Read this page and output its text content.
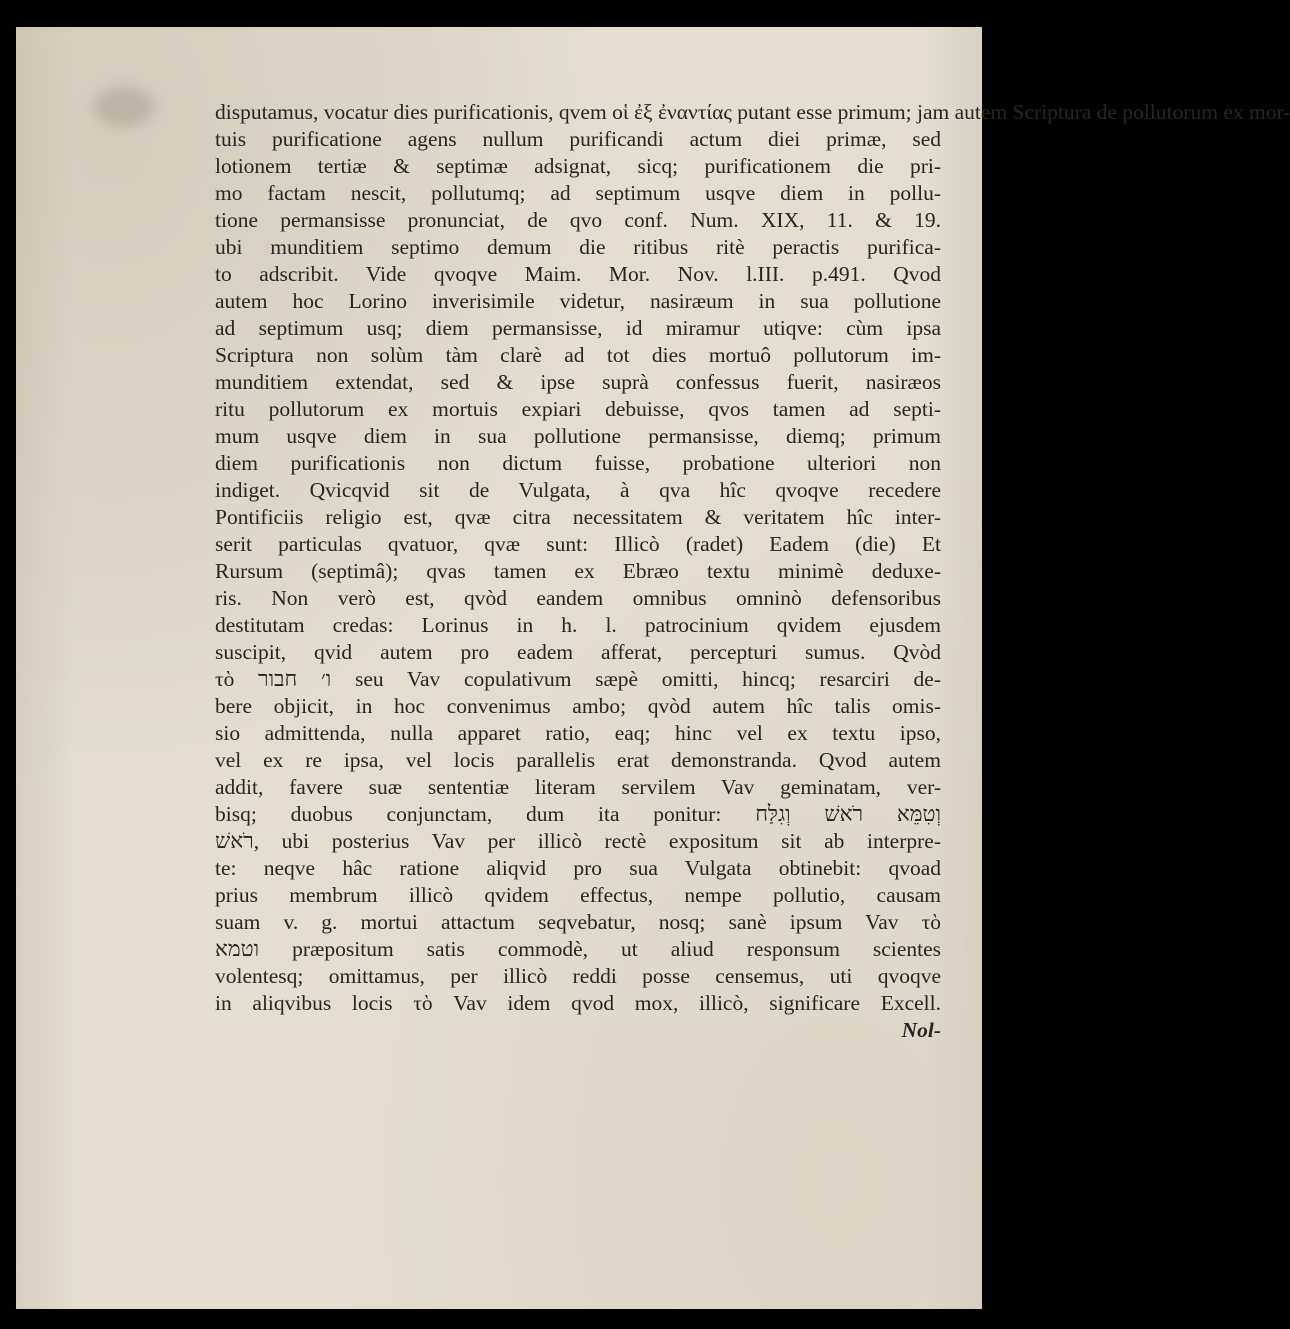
disputamus, vocatur dies purificationis, qvem οἱ ἐξ ἐναντίας putant esse primum; jam autem Scriptura de pollutorum ex mor-
tuis purificatione agens nullum purificandi actum diei primæ, sed
lotionem tertiæ & septimæ adsignat, sicq; purificationem die pri-
mo factam nescit, pollutumq; ad septimum usqve diem in pollu-
tione permansisse pronunciat, de qvo conf. Num. XIX, 11. & 19.
ubi munditiem septimo demum die ritibus ritè peractis purifica-
to adscribit. Vide qvoqve Maim. Mor. Nov. l.III. p.491. Qvod
autem hoc Lorino inverisimile videtur, nasiræum in sua pollutione
ad septimum usq; diem permansisse, id miramur utiqve: cùm ipsa
Scriptura non solùm tàm clarè ad tot dies mortuô pollutorum im-
munditiem extendat, sed & ipse suprà confessus fuerit, nasiræos
ritu pollutorum ex mortuis expiari debuisse, qvos tamen ad septi-
mum usqve diem in sua pollutione permansisse, diemq; primum
diem purificationis non dictum fuisse, probatione ulteriori non
indiget. Qvicqvid sit de Vulgata, à qva hîc qvoqve recedere
Pontificiis religio est, qvæ citra necessitatem & veritatem hîc inter-
serit particulas qvatuor, qvæ sunt: Illicò (radet) Eadem (die) Et
Rursum (septimâ); qvas tamen ex Ebræo textu minimè deduxe-
ris. Non verò est, qvòd eandem omnibus omninò defensoribus
destitutam credas: Lorinus in h. l. patrocinium qvidem ejusdem
suscipit, qvid autem pro eadem afferat, percepturi sumus. Qvòd
τὸ ו׳ חבור seu Vav copulativum sæpè omitti, hincq; resarciri de-
bere objicit, in hoc convenimus ambo; qvòd autem hîc talis omis-
sio admittenda, nulla apparet ratio, eaq; hinc vel ex textu ipso,
vel ex re ipsa, vel locis parallelis erat demonstranda. Qvod autem
addit, favere suæ sententiæ literam servilem Vav geminatam, ver-
bisq; duobus conjunctam, dum ita ponitur: וְטִמֵּא רֹאשׁ וְגִלַּח
רֹאשׁ, ubi posterius Vav per illicò rectè expositum sit ab interpre-
te: neqve hâc ratione aliqvid pro sua Vulgata obtinebit: qvoad
prius membrum illicò qvidem effectus, nempe pollutio, causam
suam v. g. mortui attactum seqvebatur, nosq; sanè ipsum Vav τὸ
וטמא præpositum satis commodè, ut aliud responsum scientes
volentesq; omittamus, per illicò reddi posse censemus, uti qvoqve
in aliqvibus locis τὸ Vav idem qvod mox, illicò, significare Excell.
Nol-
